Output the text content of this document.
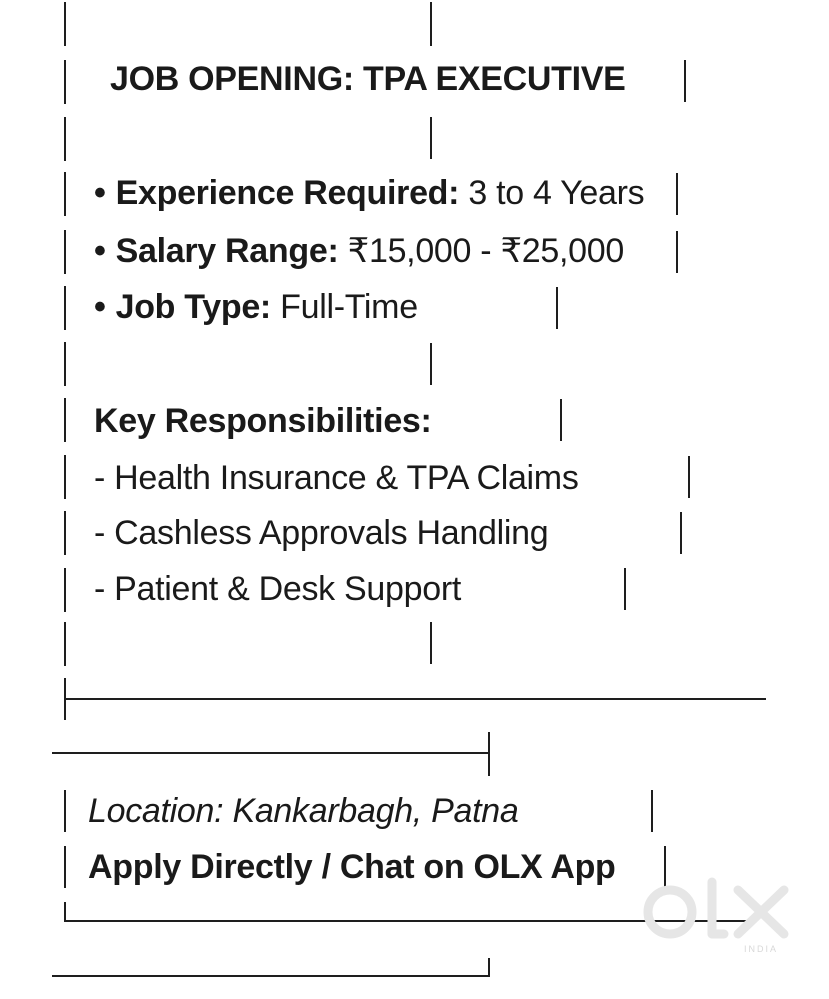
JOB OPENING: TPA EXECUTIVE
• Experience Required: 3 to 4 Years
• Salary Range: ₹15,000 - ₹25,000
• Job Type: Full-Time
Key Responsibilities:
- Health Insurance & TPA Claims
- Cashless Approvals Handling
- Patient & Desk Support
Location: Kankarbagh, Patna
Apply Directly / Chat on OLX App
INDIA
